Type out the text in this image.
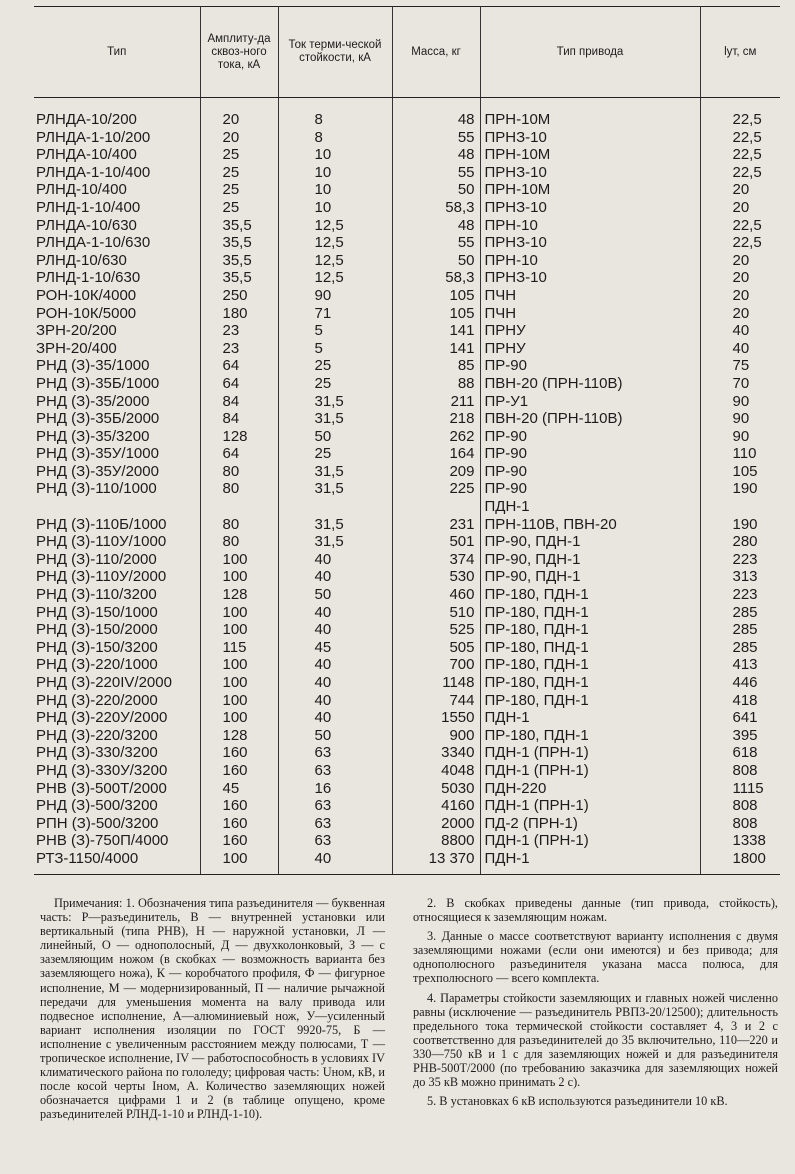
Тип	Амплиту-да сквоз-ного тока, кА	Ток терми-ческой стойкости, кА	Масса, кг	Тип привода	lут, см
РЛНДА-10/200	20	8	48	ПРН-10М	22,5
РЛНДА-1-10/200	20	8	55	ПРНЗ-10	22,5
РЛНДА-10/400	25	10	48	ПРН-10М	22,5
РЛНДА-1-10/400	25	10	55	ПРНЗ-10	22,5
РЛНД-10/400	25	10	50	ПРН-10М	20
РЛНД-1-10/400	25	10	58,3	ПРНЗ-10	20
РЛНДА-10/630	35,5	12,5	48	ПРН-10	22,5
РЛНДА-1-10/630	35,5	12,5	55	ПРНЗ-10	22,5
РЛНД-10/630	35,5	12,5	50	ПРН-10	20
РЛНД-1-10/630	35,5	12,5	58,3	ПРНЗ-10	20
РОН-10К/4000	250	90	105	ПЧН	20
РОН-10К/5000	180	71	105	ПЧН	20
ЗРН-20/200	23	5	141	ПРНУ	40
ЗРН-20/400	23	5	141	ПРНУ	40
РНД (З)-35/1000	64	25	85	ПР-90	75
РНД (З)-35Б/1000	64	25	88	ПВН-20 (ПРН-110В)	70
РНД (З)-35/2000	84	31,5	211	ПР-У1	90
РНД (З)-35Б/2000	84	31,5	218	ПВН-20 (ПРН-110В)	90
РНД (З)-35/3200	128	50	262	ПР-90	90
РНД (З)-35У/1000	64	25	164	ПР-90	110
РНД (З)-35У/2000	80	31,5	209	ПР-90	105
РНД (З)-110/1000	80	31,5	225	ПР-90	190
				ПДН-1	
РНД (З)-110Б/1000	80	31,5	231	ПРН-110В, ПВН-20	190
РНД (З)-110У/1000	80	31,5	501	ПР-90, ПДН-1	280
РНД (З)-110/2000	100	40	374	ПР-90, ПДН-1	223
РНД (З)-110У/2000	100	40	530	ПР-90, ПДН-1	313
РНД (З)-110/3200	128	50	460	ПР-180, ПДН-1	223
РНД (З)-150/1000	100	40	510	ПР-180, ПДН-1	285
РНД (З)-150/2000	100	40	525	ПР-180, ПДН-1	285
РНД (З)-150/3200	115	45	505	ПР-180, ПНД-1	285
РНД (З)-220/1000	100	40	700	ПР-180, ПДН-1	413
РНД (З)-220IV/2000	100	40	1148	ПР-180, ПДН-1	446
РНД (З)-220/2000	100	40	744	ПР-180, ПДН-1	418
РНД (З)-220У/2000	100	40	1550	ПДН-1	641
РНД (З)-220/3200	128	50	900	ПР-180, ПДН-1	395
РНД (З)-330/3200	160	63	3340	ПДН-1 (ПРН-1)	618
РНД (З)-330У/3200	160	63	4048	ПДН-1 (ПРН-1)	808
РНВ (З)-500Т/2000	45	16	5030	ПДН-220	1115
РНД (З)-500/3200	160	63	4160	ПДН-1 (ПРН-1)	808
РПН (З)-500/3200	160	63	2000	ПД-2 (ПРН-1)	808
РНВ (З)-750П/4000	160	63	8800	ПДН-1 (ПРН-1)	1338
РТЗ-1150/4000	100	40	13 370	ПДН-1	1800

Примечания: 1. Обозначения типа разъединителя — буквенная часть: Р—разъединитель, В — внутренней установки или вертикальный (типа РНВ), Н — наружной установки, Л — линейный, О — однополосный, Д — двухколонковый, З — с заземляющим ножом (в скобках — возможность варианта без заземляющего ножа), К — коробчатого профиля, Ф — фигурное исполнение, М — модернизированный, П — наличие рычажной передачи для уменьшения момента на валу привода или подвесное исполнение, А—алюминиевый нож, У—усиленный вариант исполнения изоляции по ГОСТ 9920-75, Б — исполнение с увеличенным расстоянием между полюсами, Т — тропическое исполнение, IV — работоспособность в условиях IV климатического района по гололеду; цифровая часть: Uном, кВ, и после косой черты Iном, А. Количество заземляющих ножей обозначается цифрами 1 и 2 (в таблице опущено, кроме разъединителей РЛНД-1-10 и РЛНД-1-10).

2. В скобках приведены данные (тип привода, стойкость), относящиеся к заземляющим ножам.

3. Данные о массе соответствуют варианту исполнения с двумя заземляющими ножами (если они имеются) и без привода; для однополюсного разъединителя указана масса полюса, для трехполюсного — всего комплекта.

4. Параметры стойкости заземляющих и главных ножей численно равны (исключение — разъединитель РВПЗ-20/12500); длительность предельного тока термической стойкости составляет 4, 3 и 2 с соответственно для разъединителей до 35 включительно, 110—220 и 330—750 кВ и 1 с для заземляющих ножей и для разъединителя РНВ-500Т/2000 (по требованию заказчика для заземляющих ножей до 35 кВ можно принимать 2 с).

5. В установках 6 кВ используются разъединители 10 кВ.
